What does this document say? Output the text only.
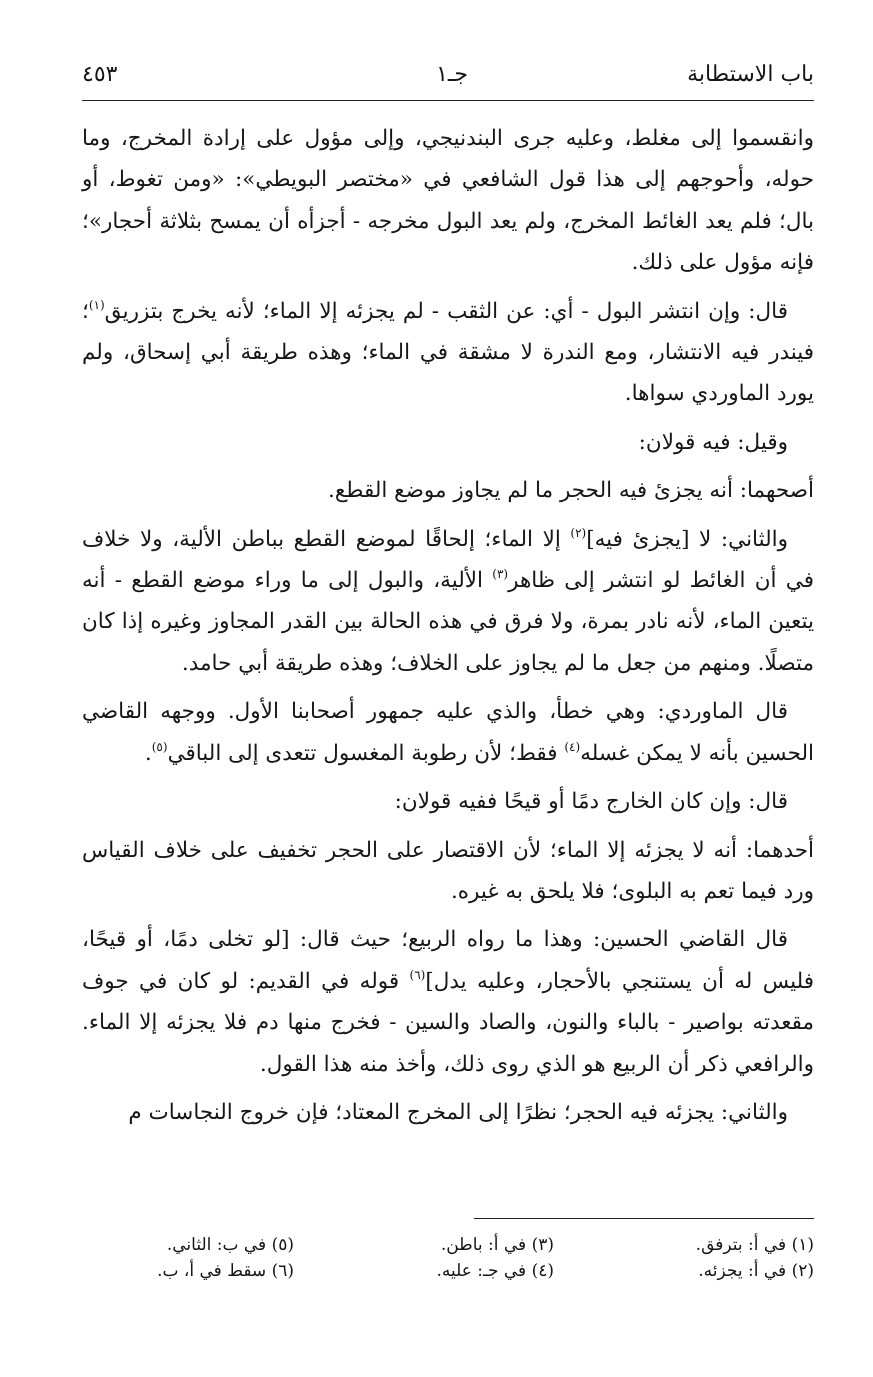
باب الاستطابة
جـ١
٤٥٣

وانقسموا إلى مغلط، وعليه جرى البندنيجي، وإلى مؤول على إرادة المخرج، وما حوله، وأحوجهم إلى هذا قول الشافعي في «مختصر البويطي»: «ومن تغوط، أو بال؛ فلم يعد الغائط المخرج، ولم يعد البول مخرجه - أجزأه أن يمسح بثلاثة أحجار»؛ فإنه مؤول على ذلك.

قال: وإن انتشر البول - أي: عن الثقب - لم يجزئه إلا الماء؛ لأنه يخرج بتزريق$^{(١)}$؛ فيندر فيه الانتشار، ومع الندرة لا مشقة في الماء؛ وهذه طريقة أبي إسحاق، ولم يورد الماوردي سواها.

وقيل: فيه قولان:

أصحهما: أنه يجزئ فيه الحجر ما لم يجاوز موضع القطع.

والثاني: لا [يجزئ فيه]$^{(٢)}$ إلا الماء؛ إلحاقًا لموضع القطع بباطن الألية، ولا خلاف في أن الغائط لو انتشر إلى ظاهر$^{(٣)}$ الألية، والبول إلى ما وراء موضع القطع - أنه يتعين الماء، لأنه نادر بمرة، ولا فرق في هذه الحالة بين القدر المجاوز وغيره إذا كان متصلًا. ومنهم من جعل ما لم يجاوز على الخلاف؛ وهذه طريقة أبي حامد.

قال الماوردي: وهي خطأ، والذي عليه جمهور أصحابنا الأول. ووجهه القاضي الحسين بأنه لا يمكن غسله$^{(٤)}$ فقط؛ لأن رطوبة المغسول تتعدى إلى الباقي$^{(٥)}$.

قال: وإن كان الخارج دمًا أو قيحًا ففيه قولان:

أحدهما: أنه لا يجزئه إلا الماء؛ لأن الاقتصار على الحجر تخفيف على خلاف القياس ورد فيما تعم به البلوى؛ فلا يلحق به غيره.

قال القاضي الحسين: وهذا ما رواه الربيع؛ حيث قال: [لو تخلى دمًا، أو قيحًا، فليس له أن يستنجي بالأحجار، وعليه يدل]$^{(٦)}$ قوله في القديم: لو كان في جوف مقعدته بواصير - بالباء والنون، والصاد والسين - فخرج منها دم فلا يجزئه إلا الماء. والرافعي ذكر أن الربيع هو الذي روى ذلك، وأخذ منه هذا القول.

والثاني: يجزئه فيه الحجر؛ نظرًا إلى المخرج المعتاد؛ فإن خروج النجاسات م

(١) في أ: بترفق.
(٢) في أ: يجزئه.
(٣) في أ: باطن.
(٤) في جـ: عليه.
(٥) في ب: الثاني.
(٦) سقط في أ، ب.
